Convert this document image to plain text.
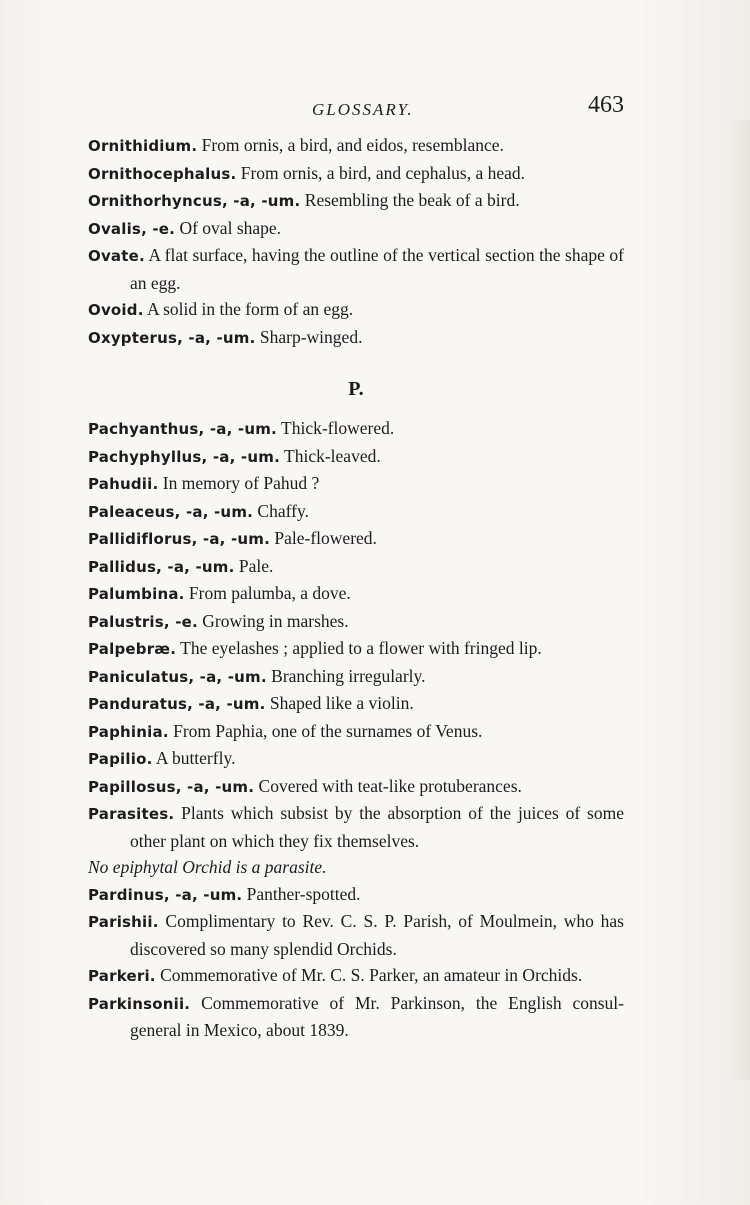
GLOSSARY.	463
Ornithidium. From ornis, a bird, and eidos, resemblance.
Ornithocephalus. From ornis, a bird, and cephalus, a head.
Ornithorhyncus, -a, -um. Resembling the beak of a bird.
Ovalis, -e. Of oval shape.
Ovate. A flat surface, having the outline of the vertical section the shape of an egg.
Ovoid. A solid in the form of an egg.
Oxypterus, -a, -um. Sharp-winged.
P.
Pachyanthus, -a, -um. Thick-flowered.
Pachyphyllus, -a, -um. Thick-leaved.
Pahudii. In memory of Pahud ?
Paleaceus, -a, -um. Chaffy.
Pallidiflorus, -a, -um. Pale-flowered.
Pallidus, -a, -um. Pale.
Palumbina. From palumba, a dove.
Palustris, -e. Growing in marshes.
Palpebræ. The eyelashes ; applied to a flower with fringed lip.
Paniculatus, -a, -um. Branching irregularly.
Panduratus, -a, -um. Shaped like a violin.
Paphinia. From Paphia, one of the surnames of Venus.
Papilio. A butterfly.
Papillosus, -a, -um. Covered with teat-like protuberances.
Parasites. Plants which subsist by the absorption of the juices of some other plant on which they fix themselves.
No epiphytal Orchid is a parasite.
Pardinus, -a, -um. Panther-spotted.
Parishii. Complimentary to Rev. C. S. P. Parish, of Moulmein, who has discovered so many splendid Orchids.
Parkeri. Commemorative of Mr. C. S. Parker, an amateur in Orchids.
Parkinsonii. Commemorative of Mr. Parkinson, the English consul-general in Mexico, about 1839.
